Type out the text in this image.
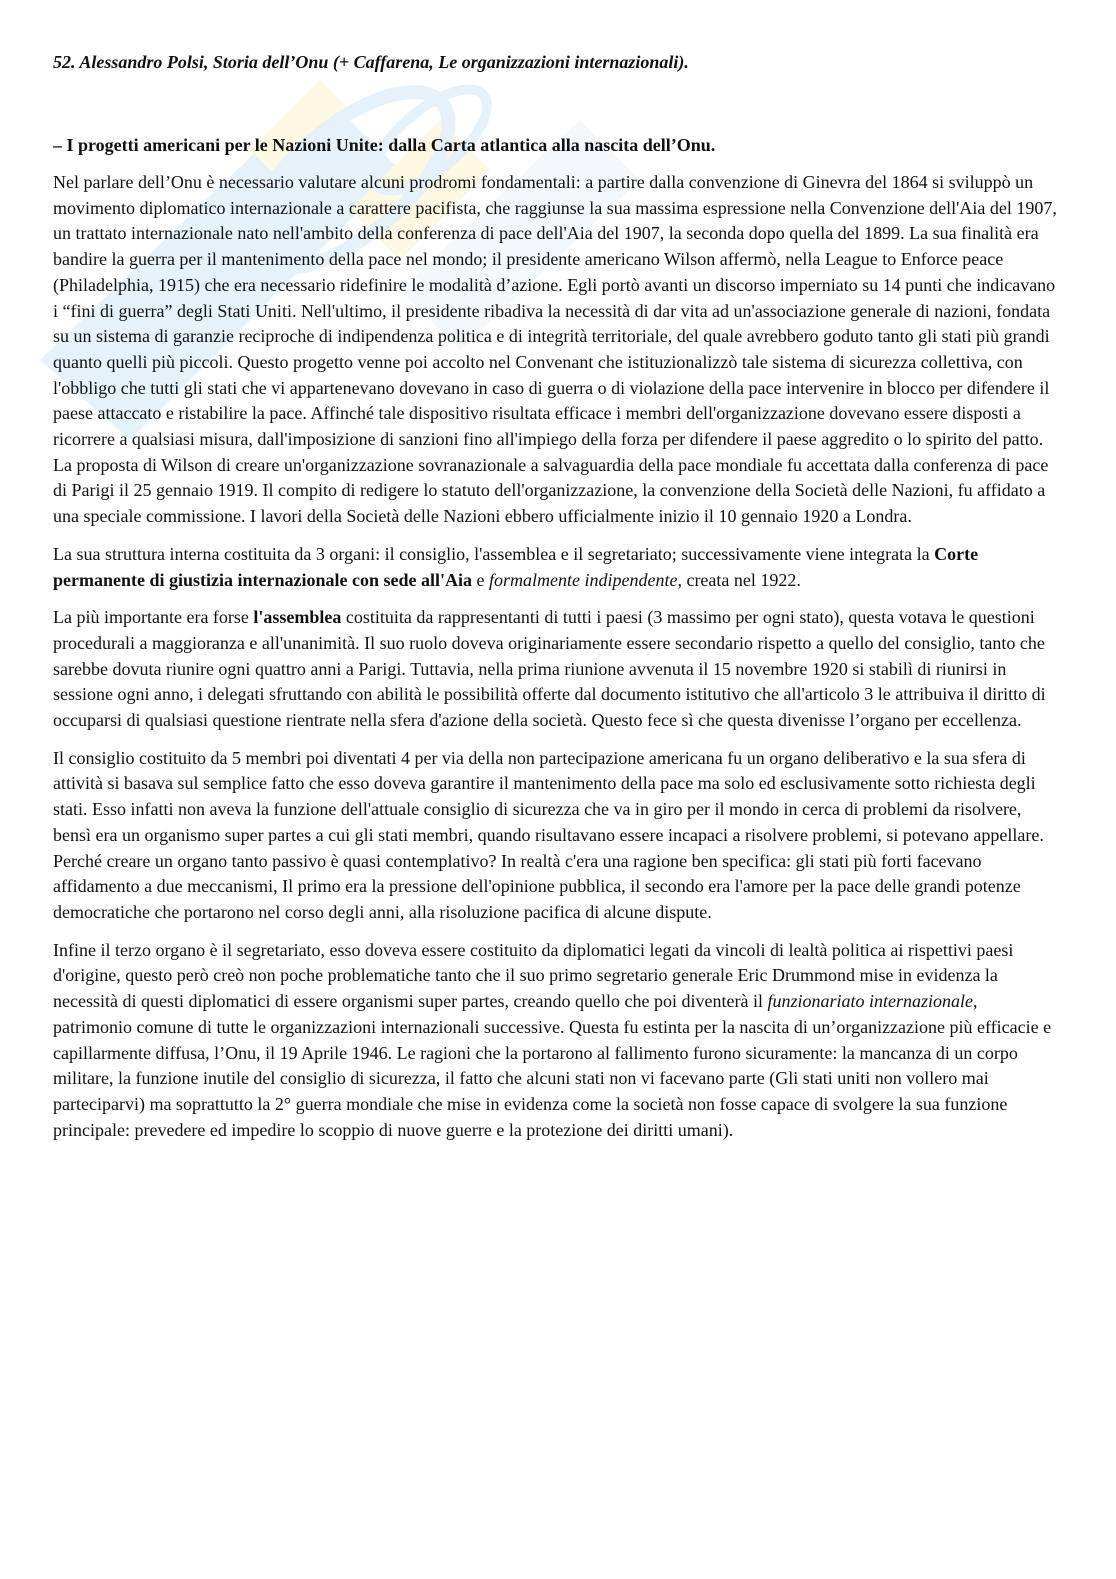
52. Alessandro Polsi, Storia dell’Onu (+ Caffarena, Le organizzazioni internazionali).
– I progetti americani per le Nazioni Unite: dalla Carta atlantica alla nascita dell’Onu.

Nel parlare dell’Onu è necessario valutare alcuni prodromi fondamentali: a partire dalla convenzione di Ginevra del 1864 si sviluppò un movimento diplomatico internazionale a carattere pacifista, che raggiunse la sua massima espressione nella Convenzione dell'Aia del 1907, un trattato internazionale nato nell'ambito della conferenza di pace dell'Aia del 1907, la seconda dopo quella del 1899. La sua finalità era bandire la guerra per il mantenimento della pace nel mondo; il presidente americano Wilson affermò, nella League to Enforce peace (Philadelphia, 1915) che era necessario ridefinire le modalità d’azione. Egli portò avanti un discorso imperniato su 14 punti che indicavano i “fini di guerra” degli Stati Uniti. Nell'ultimo, il presidente ribadiva la necessità di dar vita ad un'associazione generale di nazioni, fondata su un sistema di garanzie reciproche di indipendenza politica e di integrità territoriale, del quale avrebbero goduto tanto gli stati più grandi quanto quelli più piccoli. Questo progetto venne poi accolto nel Convenant che istituzionalizzò tale sistema di sicurezza collettiva, con l'obbligo che tutti gli stati che vi appartenevano dovevano in caso di guerra o di violazione della pace intervenire in blocco per difendere il paese attaccato e ristabilire la pace. Affinché tale dispositivo risultata efficace i membri dell'organizzazione dovevano essere disposti a ricorrere a qualsiasi misura, dall'imposizione di sanzioni fino all'impiego della forza per difendere il paese aggredito o lo spirito del patto. La proposta di Wilson di creare un'organizzazione sovranazionale a salvaguardia della pace mondiale fu accettata dalla conferenza di pace di Parigi il 25 gennaio 1919. Il compito di redigere lo statuto dell'organizzazione, la convenzione della Società delle Nazioni, fu affidato a una speciale commissione. I lavori della Società delle Nazioni ebbero ufficialmente inizio il 10 gennaio 1920 a Londra.

La sua struttura interna costituita da 3 organi: il consiglio, l'assemblea e il segretariato; successivamente viene integrata la Corte permanente di giustizia internazionale con sede all'Aia e formalmente indipendente, creata nel 1922.

La più importante era forse l'assemblea costituita da rappresentanti di tutti i paesi (3 massimo per ogni stato), questa votava le questioni procedurali a maggioranza e all'unanimità. Il suo ruolo doveva originariamente essere secondario rispetto a quello del consiglio, tanto che sarebbe dovuta riunire ogni quattro anni a Parigi. Tuttavia, nella prima riunione avvenuta il 15 novembre 1920 si stabilì di riunirsi in sessione ogni anno, i delegati sfruttando con abilità le possibilità offerte dal documento istitutivo che all'articolo 3 le attribuiva il diritto di occuparsi di qualsiasi questione rientrate nella sfera d'azione della società. Questo fece sì che questa divenisse l’organo per eccellenza.

Il consiglio costituito da 5 membri poi diventati 4 per via della non partecipazione americana fu un organo deliberativo e la sua sfera di attività si basava sul semplice fatto che esso doveva garantire il mantenimento della pace ma solo ed esclusivamente sotto richiesta degli stati. Esso infatti non aveva la funzione dell'attuale consiglio di sicurezza che va in giro per il mondo in cerca di problemi da risolvere, bensì era un organismo super partes a cui gli stati membri, quando risultavano essere incapaci a risolvere problemi, si potevano appellare. Perché creare un organo tanto passivo è quasi contemplativo? In realtà c'era una ragione ben specifica: gli stati più forti facevano affidamento a due meccanismi, Il primo era la pressione dell'opinione pubblica, il secondo era l'amore per la pace delle grandi potenze democratiche che portarono nel corso degli anni, alla risoluzione pacifica di alcune dispute.

Infine il terzo organo è il segretariato, esso doveva essere costituito da diplomatici legati da vincoli di lealtà politica ai rispettivi paesi d'origine, questo però creò non poche problematiche tanto che il suo primo segretario generale Eric Drummond mise in evidenza la necessità di questi diplomatici di essere organismi super partes, creando quello che poi diventerà il funzionariato internazionale, patrimonio comune di tutte le organizzazioni internazionali successive. Questa fu estinta per la nascita di un’organizzazione più efficacie e capillarmente diffusa, l’Onu, il 19 Aprile 1946. Le ragioni che la portarono al fallimento furono sicuramente: la mancanza di un corpo militare, la funzione inutile del consiglio di sicurezza, il fatto che alcuni stati non vi facevano parte (Gli stati uniti non vollero mai parteciparvi) ma soprattutto la 2° guerra mondiale che mise in evidenza come la società non fosse capace di svolgere la sua funzione principale: prevedere ed impedire lo scoppio di nuove guerre e la protezione dei diritti umani).
